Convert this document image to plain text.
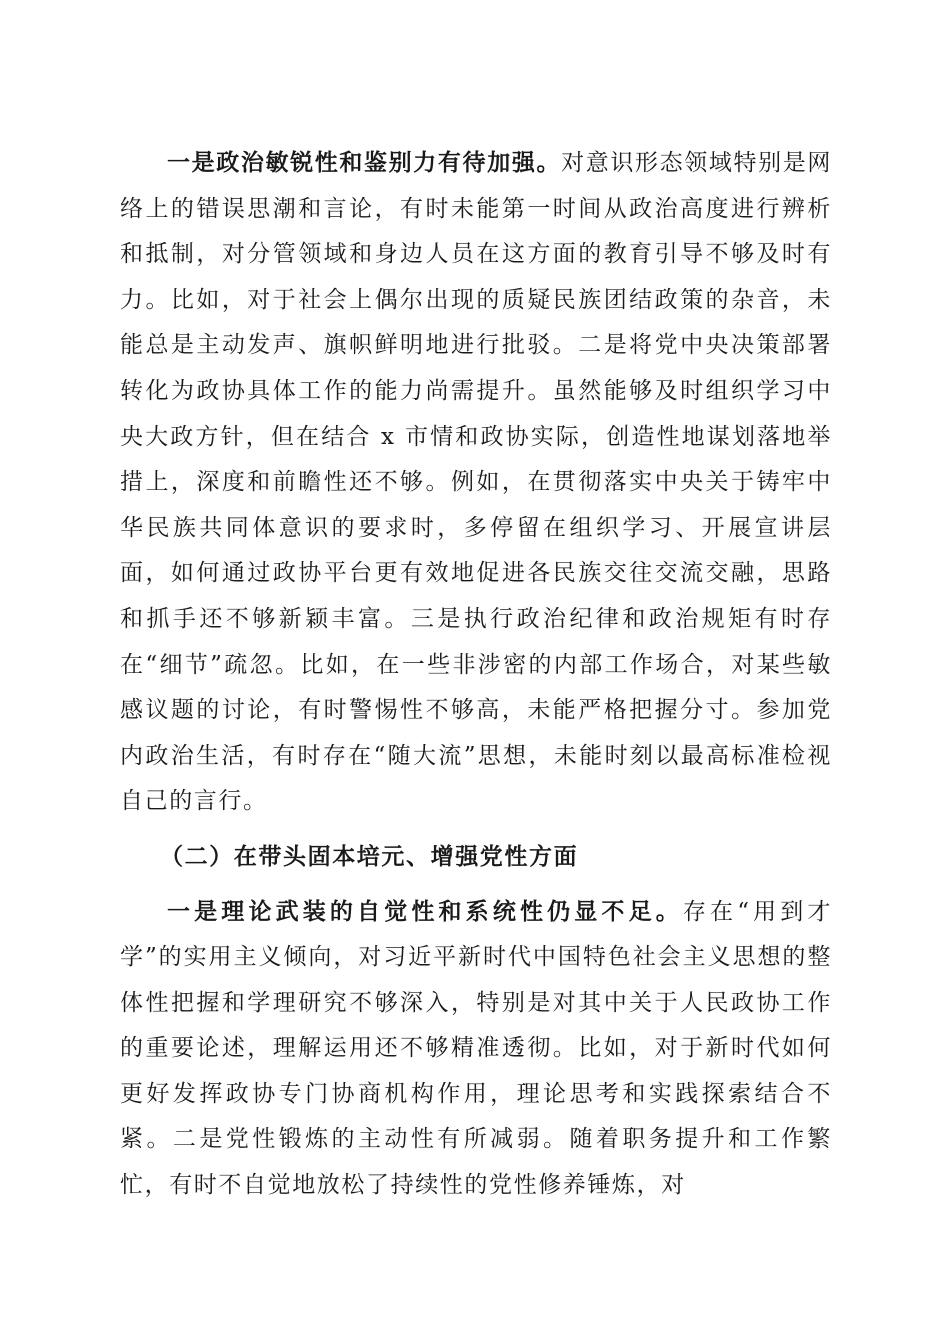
一是政治敏锐性和鉴别力有待加强。对意识形态领域特别是网络上的错误思潮和言论，有时未能第一时间从政治高度进行辨析和抵制，对分管领域和身边人员在这方面的教育引导不够及时有力。比如，对于社会上偶尔出现的质疑民族团结政策的杂音，未能总是主动发声、旗帜鲜明地进行批驳。二是将党中央决策部署转化为政协具体工作的能力尚需提升。虽然能够及时组织学习中央大政方针，但在结合 x 市情和政协实际，创造性地谋划落地举措上，深度和前瞻性还不够。例如，在贯彻落实中央关于铸牢中华民族共同体意识的要求时，多停留在组织学习、开展宣讲层面，如何通过政协平台更有效地促进各民族交往交流交融，思路和抓手还不够新颖丰富。三是执行政治纪律和政治规矩有时存在“细节”疏忽。比如，在一些非涉密的内部工作场合，对某些敏感议题的讨论，有时警惕性不够高，未能严格把握分寸。参加党内政治生活，有时存在“随大流”思想，未能时刻以最高标准检视自己的言行。

（二）在带头固本培元、增强党性方面

一是理论武装的自觉性和系统性仍显不足。存在“用到才学”的实用主义倾向，对习近平新时代中国特色社会主义思想的整体性把握和学理研究不够深入，特别是对其中关于人民政协工作的重要论述，理解运用还不够精准透彻。比如，对于新时代如何更好发挥政协专门协商机构作用，理论思考和实践探索结合不紧。二是党性锻炼的主动性有所减弱。随着职务提升和工作繁忙，有时不自觉地放松了持续性的党性修养锤炼，对
